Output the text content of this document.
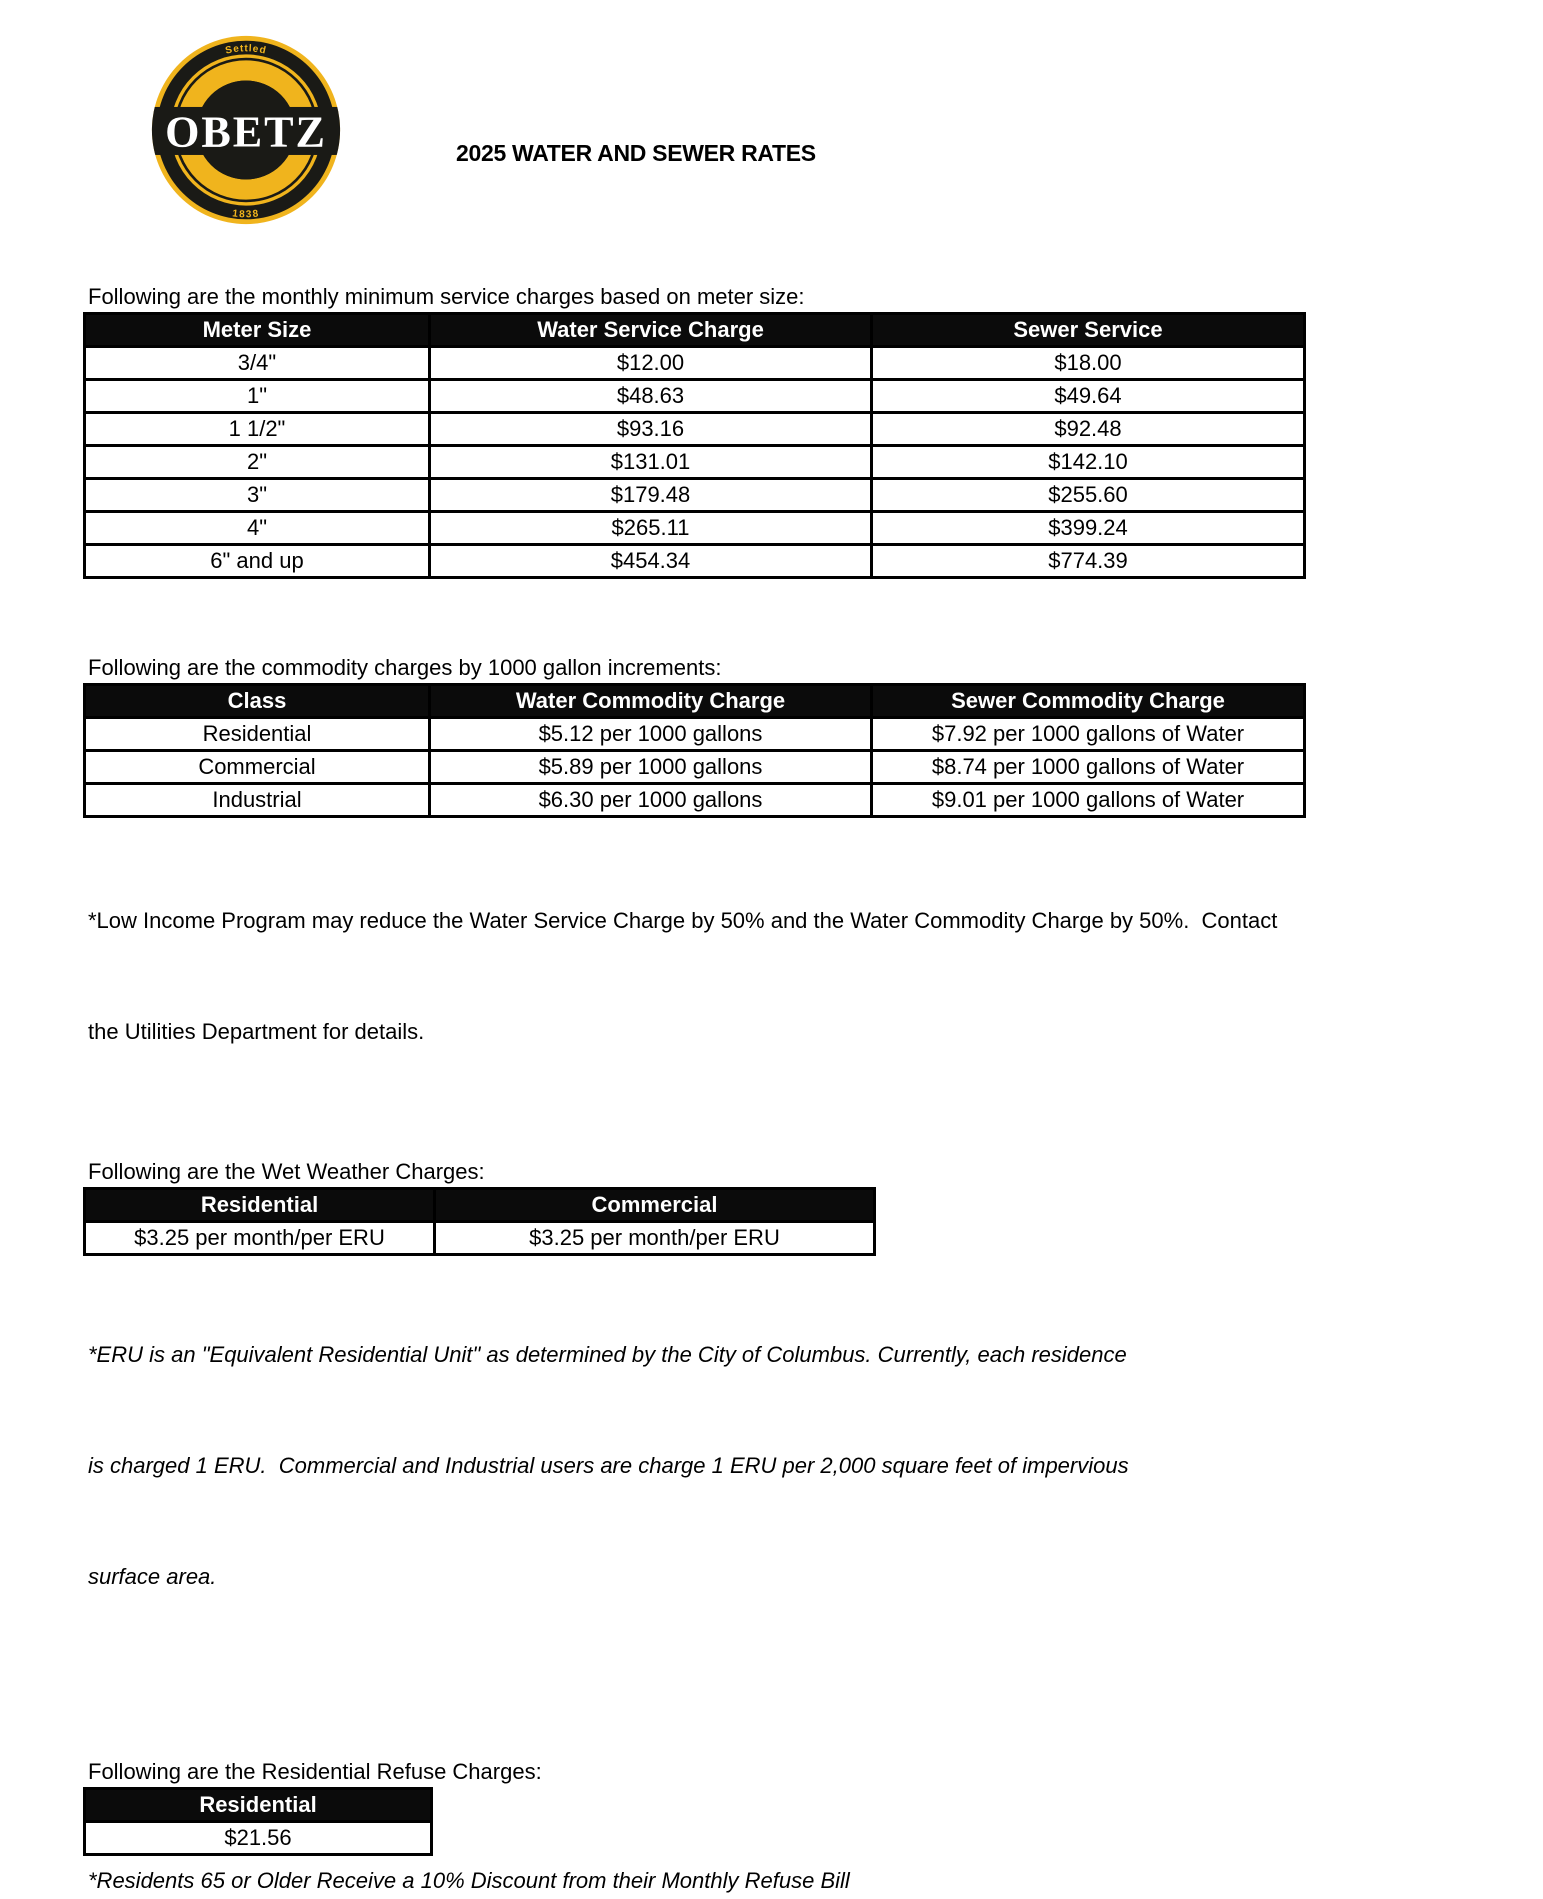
Settled
1838
OBETZ	2025 WATER AND SEWER RATES
Following are the monthly minimum service charges based on meter size:
Meter Size	Water Service Charge	Sewer Service
3/4"	$12.00	$18.00
1"	$48.63	$49.64
1 1/2"	$93.16	$92.48
2"	$131.01	$142.10
3"	$179.48	$255.60
4"	$265.11	$399.24
6" and up	$454.34	$774.39
Following are the commodity charges by 1000 gallon increments:
Class	Water Commodity Charge	Sewer Commodity Charge
Residential	$5.12 per 1000 gallons	$7.92 per 1000 gallons of Water
Commercial	$5.89 per 1000 gallons	$8.74 per 1000 gallons of Water
Industrial	$6.30 per 1000 gallons	$9.01 per 1000 gallons of Water

*Low Income Program may reduce the Water Service Charge by 50% and the Water Commodity Charge by 50%.  Contact

the Utilities Department for details.

Following are the Wet Weather Charges:
Residential	Commercial
$3.25 per month/per ERU	$3.25 per month/per ERU

*ERU is an "Equivalent Residential Unit" as determined by the City of Columbus. Currently, each residence

is charged 1 ERU.  Commercial and Industrial users are charge 1 ERU per 2,000 square feet of impervious

surface area.

Following are the Residential Refuse Charges:
Residential
$21.56
*Residents 65 or Older Receive a 10% Discount from their Monthly Refuse Bill
